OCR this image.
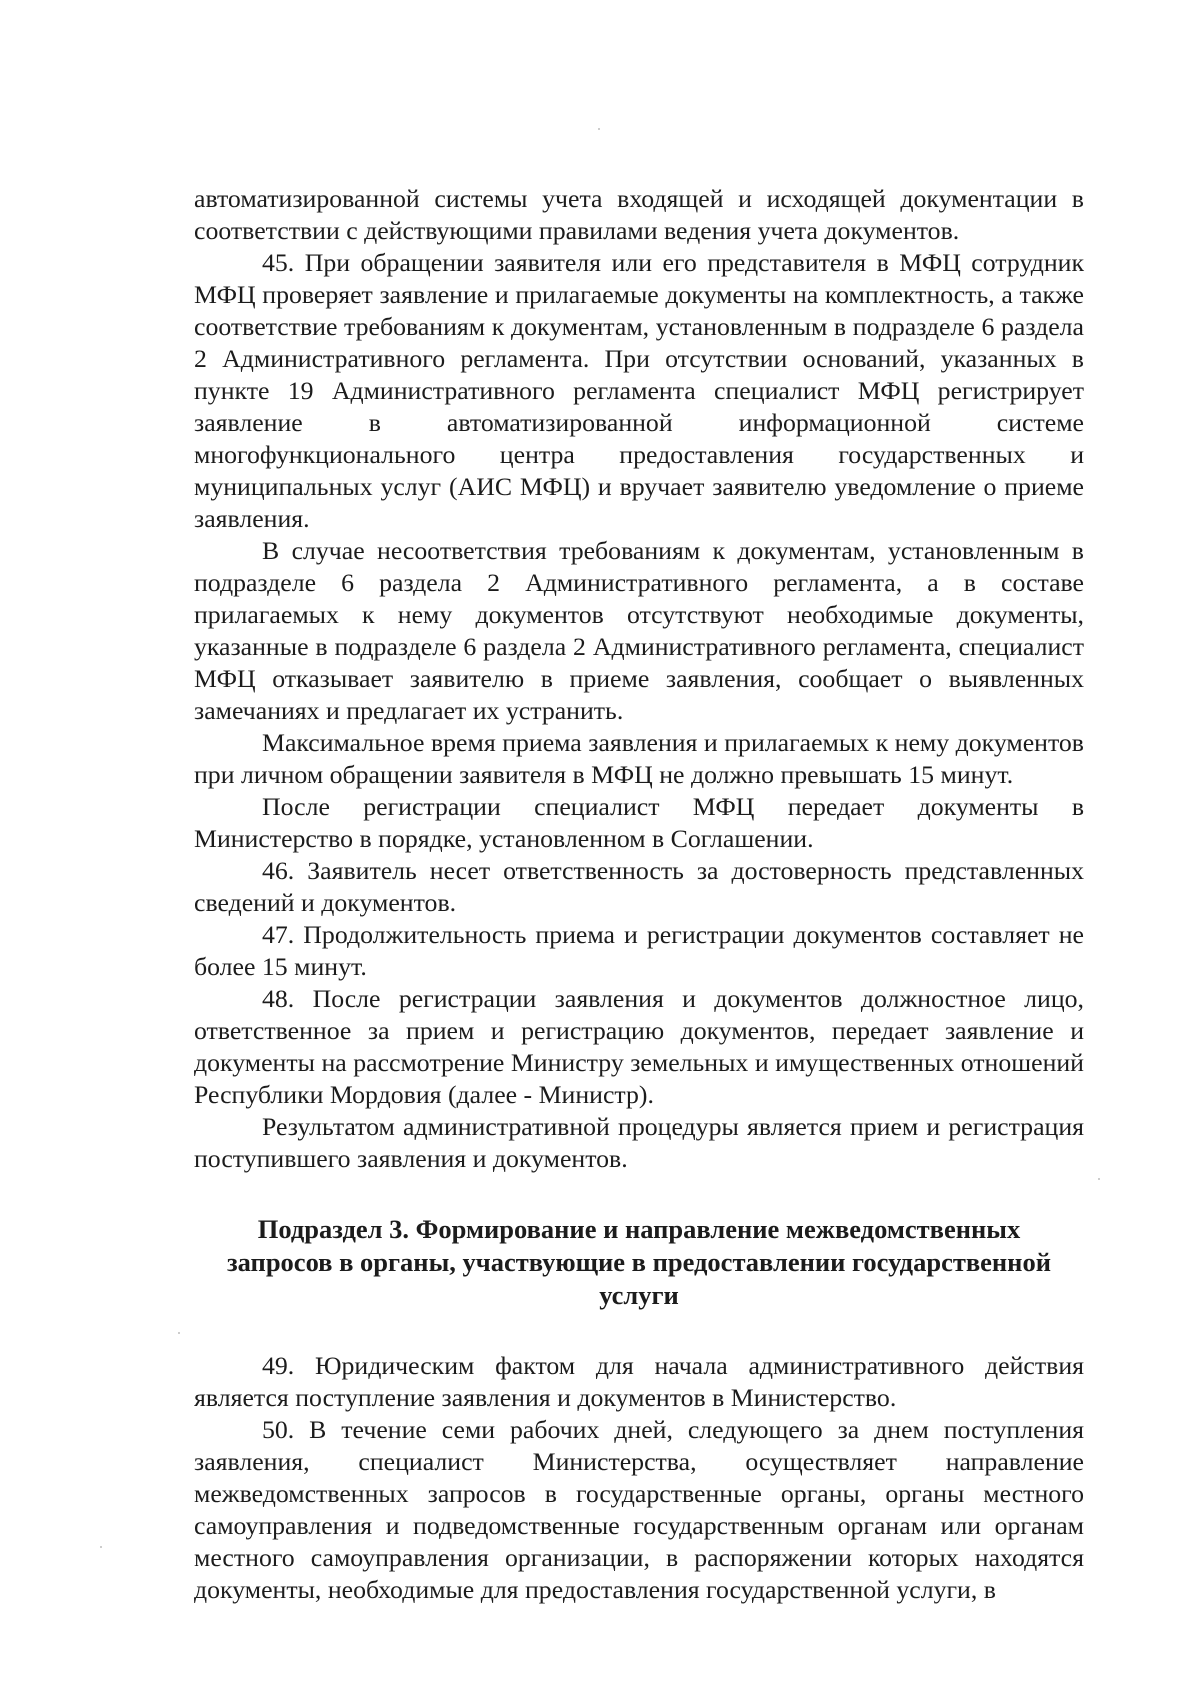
автоматизированной системы учета входящей и исходящей документации в соответствии с действующими правилами ведения учета документов.

45. При обращении заявителя или его представителя в МФЦ сотрудник МФЦ проверяет заявление и прилагаемые документы на комплектность, а также соответствие требованиям к документам, установленным в подразделе 6 раздела 2 Административного регламента. При отсутствии оснований, указанных в пункте 19 Административного регламента специалист МФЦ регистрирует заявление в автоматизированной информационной системе многофункционального центра предоставления государственных и муниципальных услуг (АИС МФЦ) и вручает заявителю уведомление о приеме заявления.

В случае несоответствия требованиям к документам, установленным в подразделе 6 раздела 2 Административного регламента, а в составе прилагаемых к нему документов отсутствуют необходимые документы, указанные в подразделе 6 раздела 2 Административного регламента, специалист МФЦ отказывает заявителю в приеме заявления, сообщает о выявленных замечаниях и предлагает их устранить.

Максимальное время приема заявления и прилагаемых к нему документов при личном обращении заявителя в МФЦ не должно превышать 15 минут.

После регистрации специалист МФЦ передает документы в Министерство в порядке, установленном в Соглашении.

46. Заявитель несет ответственность за достоверность представленных сведений и документов.

47. Продолжительность приема и регистрации документов составляет не более 15 минут.

48. После регистрации заявления и документов должностное лицо, ответственное за прием и регистрацию документов, передает заявление и документы на рассмотрение Министру земельных и имущественных отношений Республики Мордовия (далее - Министр).

Результатом административной процедуры является прием и регистрация поступившего заявления и документов.

Подраздел 3. Формирование и направление межведомственных запросов в органы, участвующие в предоставлении государственной услуги

49. Юридическим фактом для начала административного действия является поступление заявления и документов в Министерство.

50. В течение семи рабочих дней, следующего за днем поступления заявления, специалист Министерства, осуществляет направление межведомственных запросов в государственные органы, органы местного самоуправления и подведомственные государственным органам или органам местного самоуправления организации, в распоряжении которых находятся документы, необходимые для предоставления государственной услуги, в
